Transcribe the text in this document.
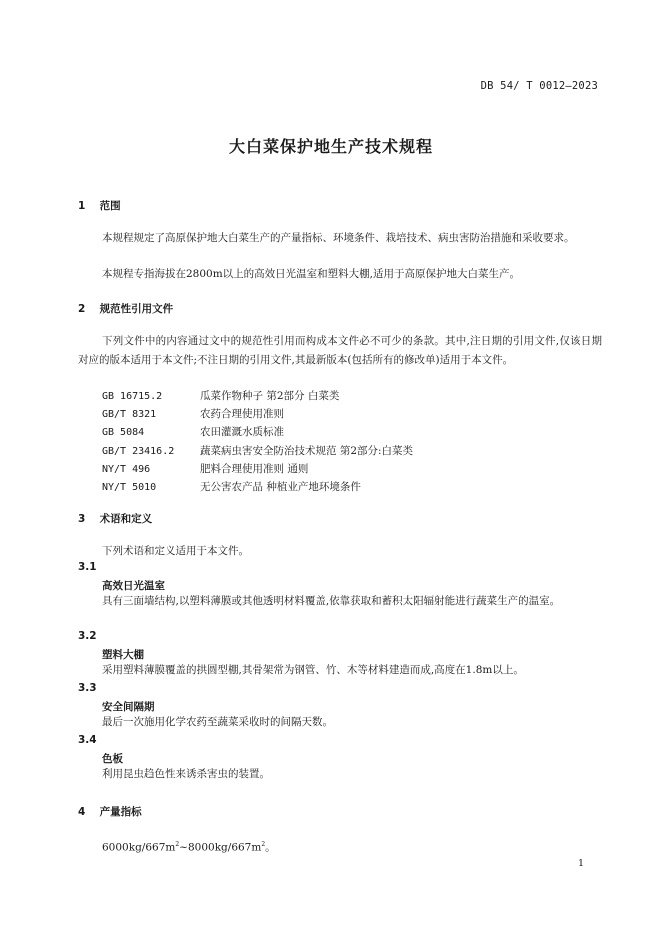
DB 54/ T 0012—2023
大白菜保护地生产技术规程
1 范围
本规程规定了高原保护地大白菜生产的产量指标、环境条件、栽培技术、病虫害防治措施和采收要求。
本规程专指海拔在2800m以上的高效日光温室和塑料大棚,适用于高原保护地大白菜生产。
2 规范性引用文件
下列文件中的内容通过文中的规范性引用而构成本文件必不可少的条款。其中,注日期的引用文件,仅该日期对应的版本适用于本文件;不注日期的引用文件,其最新版本(包括所有的修改单)适用于本文件。
GB 16715.2	瓜菜作物种子 第2部分 白菜类
GB/T 8321	农药合理使用准则
GB 5084	农田灌溉水质标准
GB/T 23416.2 蔬菜病虫害安全防治技术规范 第2部分:白菜类
NY/T 496	肥料合理使用准则 通则
NY/T 5010	无公害农产品 种植业产地环境条件
3 术语和定义
下列术语和定义适用于本文件。
3.1
高效日光温室
具有三面墙结构,以塑料薄膜或其他透明材料覆盖,依靠获取和蓄积太阳辐射能进行蔬菜生产的温室。
3.2
塑料大棚
采用塑料薄膜覆盖的拱圆型棚,其骨架常为钢管、竹、木等材料建造而成,高度在1.8m以上。
3.3
安全间隔期
最后一次施用化学农药至蔬菜采收时的间隔天数。
3.4
色板
利用昆虫趋色性来诱杀害虫的装置。
4 产量指标
$6000kg/667m^2\sim 8000kg/667m^2$。
1
